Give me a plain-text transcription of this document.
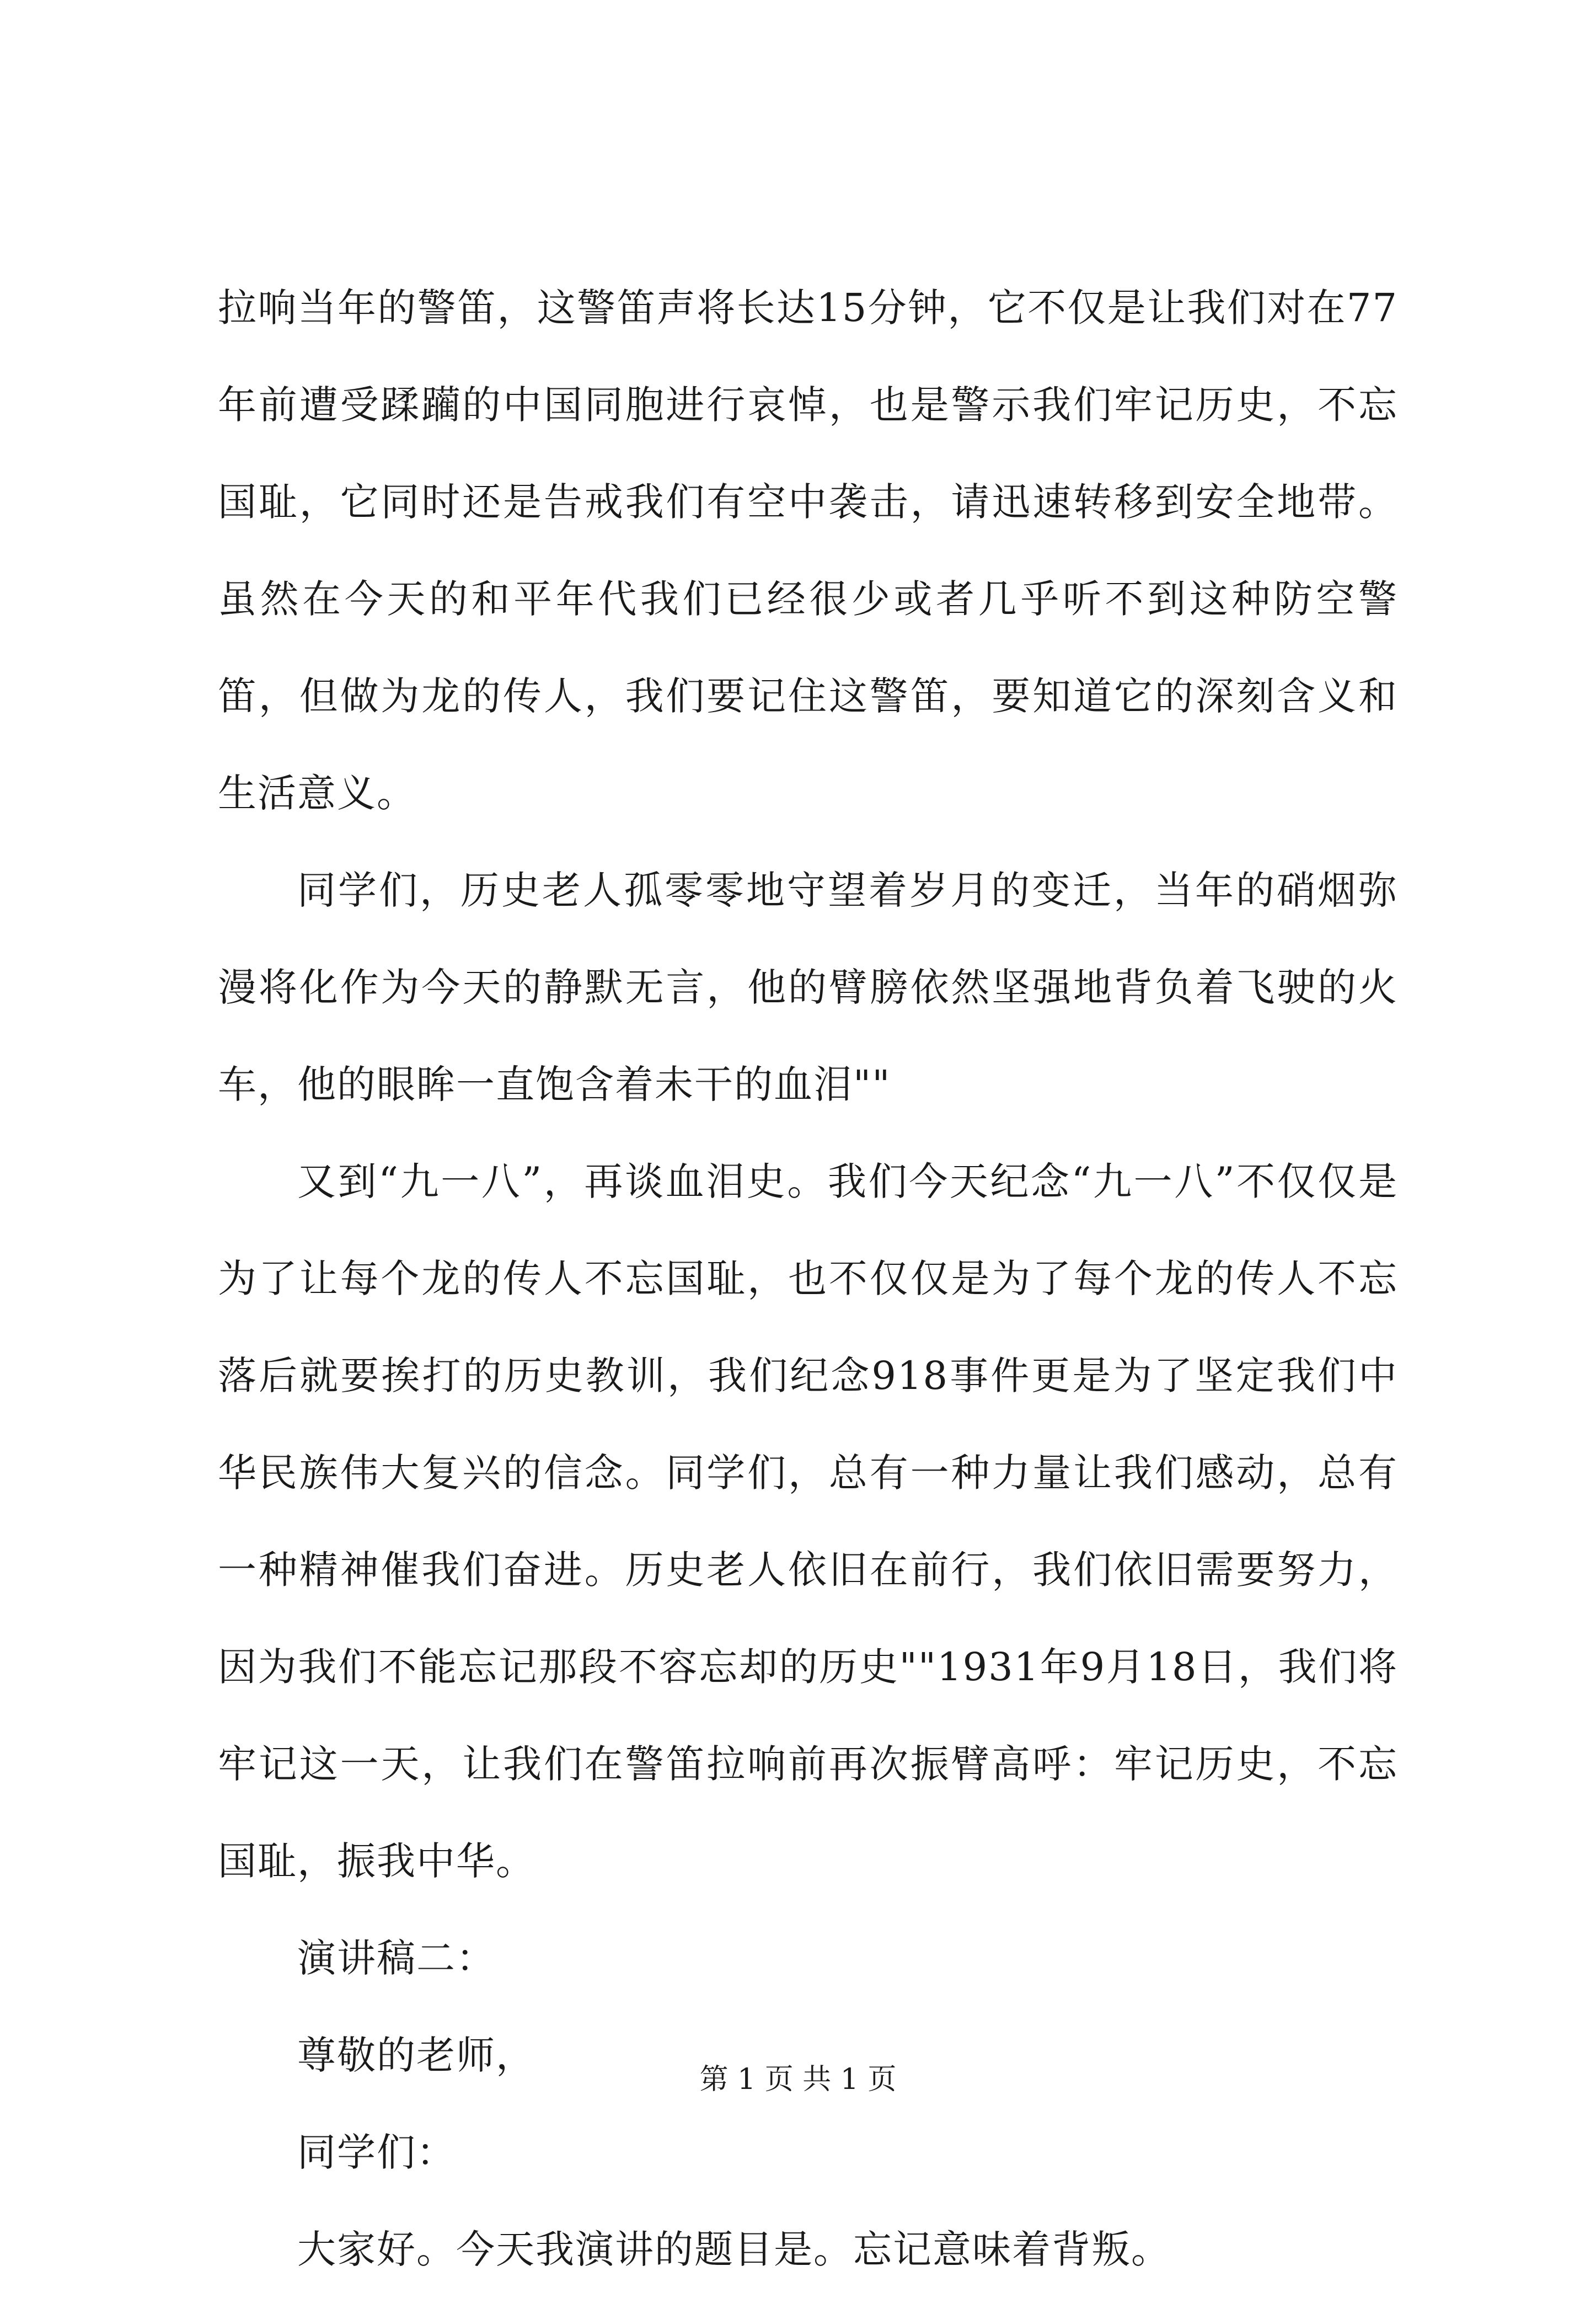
拉响当年的警笛，这警笛声将长达15分钟，它不仅是让我们对在77年前遭受蹂躏的中国同胞进行哀悼，也是警示我们牢记历史，不忘国耻，它同时还是告戒我们有空中袭击，请迅速转移到安全地带。虽然在今天的和平年代我们已经很少或者几乎听不到这种防空警笛，但做为龙的传人，我们要记住这警笛，要知道它的深刻含义和生活意义。

同学们，历史老人孤零零地守望着岁月的变迁，当年的硝烟弥漫将化作为今天的静默无言，他的臂膀依然坚强地背负着飞驶的火车，他的眼眸一直饱含着未干的血泪""

又到“九一八”，再谈血泪史。我们今天纪念“九一八”不仅仅是为了让每个龙的传人不忘国耻，也不仅仅是为了每个龙的传人不忘落后就要挨打的历史教训，我们纪念918事件更是为了坚定我们中华民族伟大复兴的信念。同学们，总有一种力量让我们感动，总有一种精神催我们奋进。历史老人依旧在前行，我们依旧需要努力，因为我们不能忘记那段不容忘却的历史""1931年9月18日，我们将牢记这一天，让我们在警笛拉响前再次振臂高呼：牢记历史，不忘国耻，振我中华。

演讲稿二：

尊敬的老师，

同学们：

大家好。今天我演讲的题目是。忘记意味着背叛。

第 1 页 共 1 页
